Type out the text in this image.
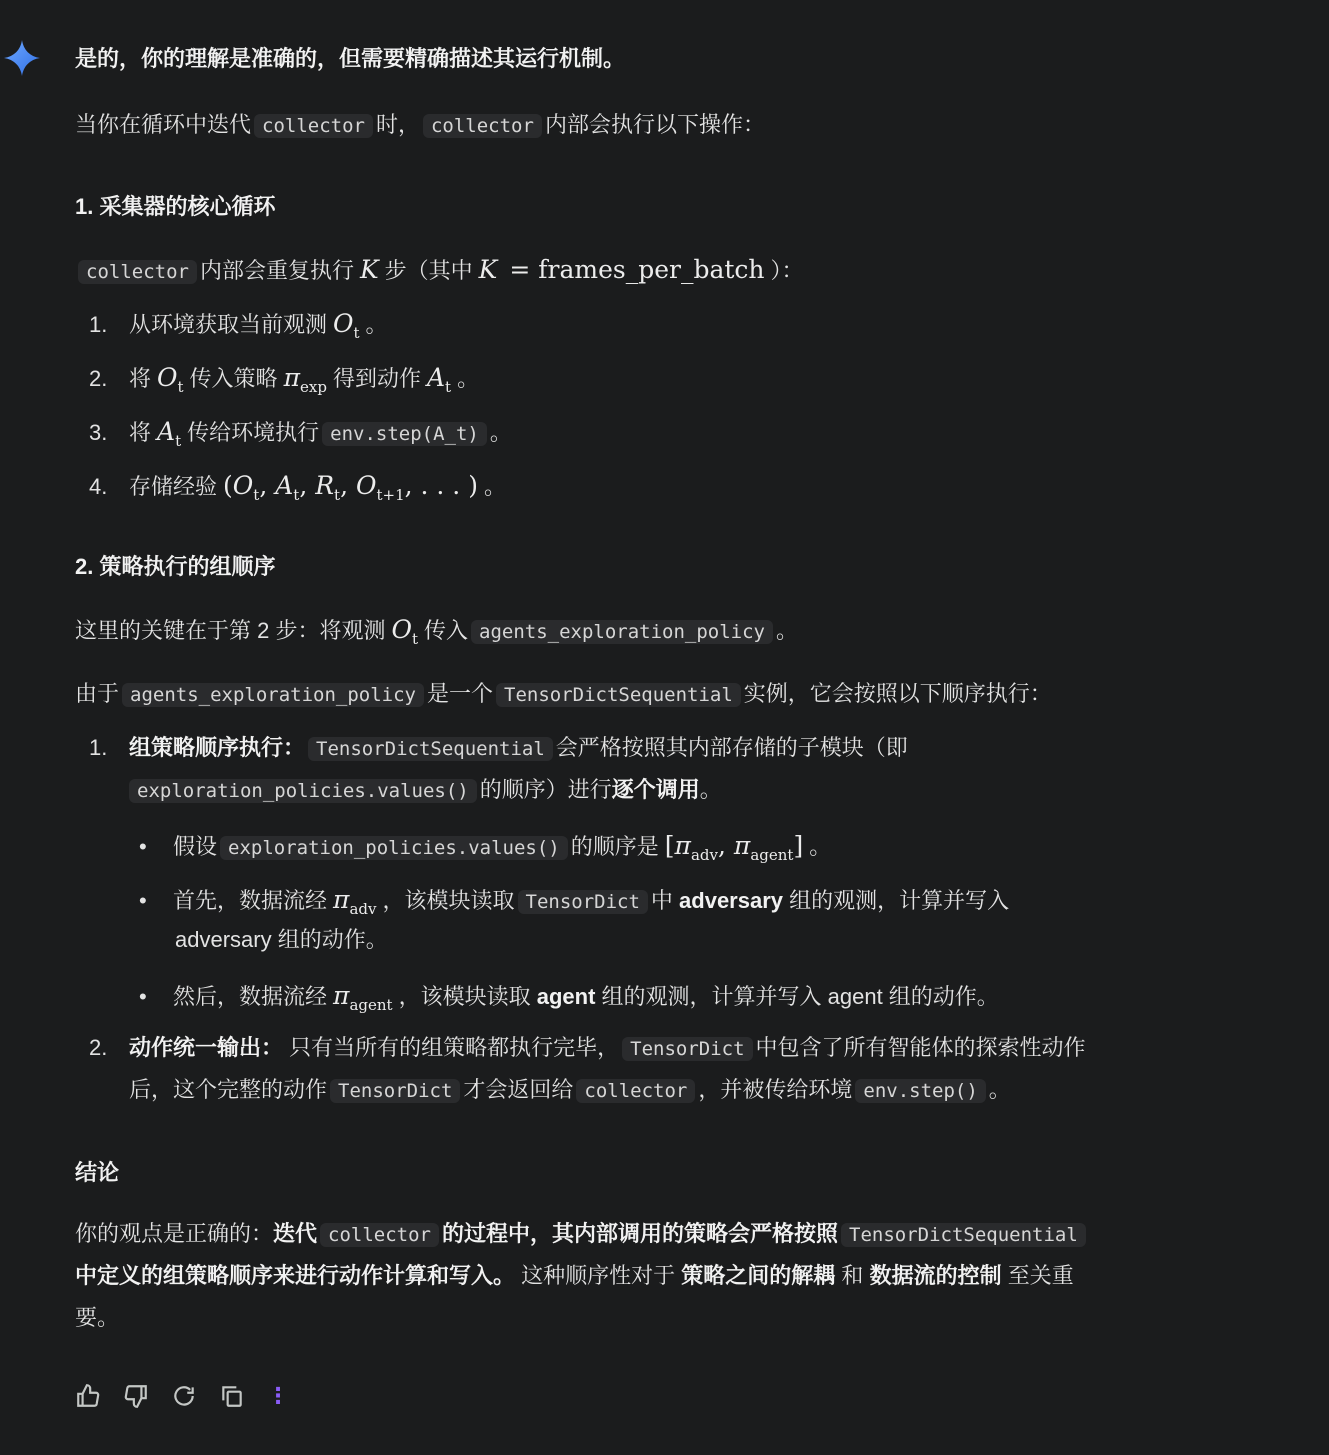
是的，你的理解是准确的，但需要精确描述其运行机制。

当你在循环中迭代 collector 时， collector 内部会执行以下操作：

1. 采集器的核心循环

collector 内部会重复执行 K 步（其中 K = frames_per_batch ）：

1. 从环境获取当前观测 $O_t$ 。

2. 将 $O_t$ 传入策略 $\pi_{exp}$ 得到动作 $A_t$ 。

3. 将 $A_t$ 传给环境执行 env.step(A_t) 。

4. 存储经验 ($O_t$, $A_t$, $R_t$, $O_{t+1}$, . . . ) 。

2. 策略执行的组顺序

这里的关键在于第 2 步：将观测 $O_t$ 传入 agents_exploration_policy 。

由于 agents_exploration_policy 是一个 TensorDictSequential 实例，它会按照以下顺序执行：

1. 组策略顺序执行： TensorDictSequential 会严格按照其内部存储的子模块（即

exploration_policies.values() 的顺序）进行逐个调用。

• 假设 exploration_policies.values() 的顺序是 [$\pi_{adv}$, $\pi_{agent}$] 。

• 首先，数据流经 $\pi_{adv}$ ，该模块读取 TensorDict 中 adversary 组的观测，计算并写入

adversary 组的动作。

• 然后，数据流经 $\pi_{agent}$ ，该模块读取 agent 组的观测，计算并写入 agent 组的动作。

2. 动作统一输出： 只有当所有的组策略都执行完毕， TensorDict 中包含了所有智能体的探索性动作

后，这个完整的动作 TensorDict 才会返回给 collector ，并被传给环境 env.step() 。

结论

你的观点是正确的：迭代 collector 的过程中，其内部调用的策略会严格按照 TensorDictSequential

中定义的组策略顺序来进行动作计算和写入。 这种顺序性对于 策略之间的解耦 和 数据流的控制 至关重

要。

⋮
